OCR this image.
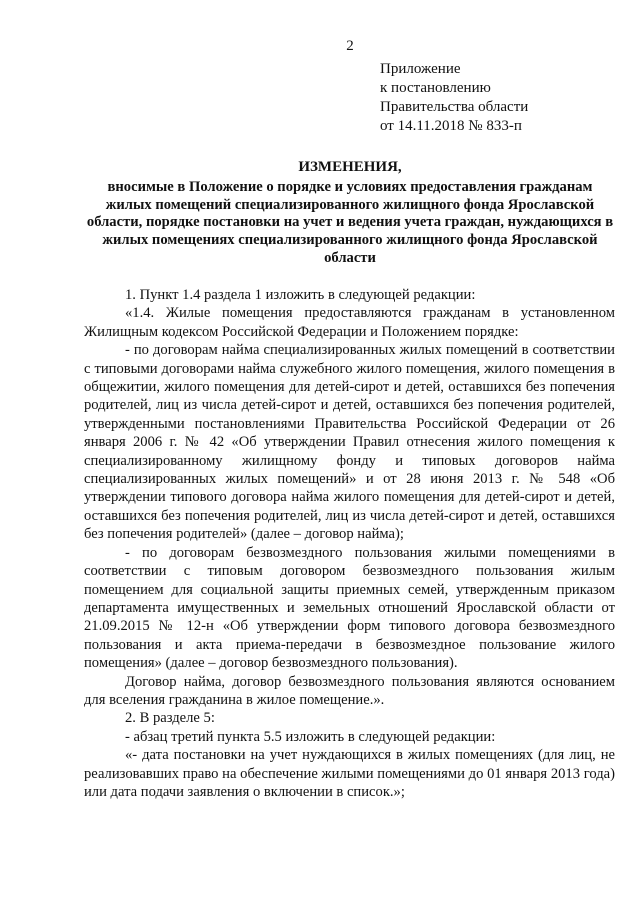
2
Приложение
к постановлению
Правительства области
от 14.11.2018 № 833-п
ИЗМЕНЕНИЯ,
вносимые в Положение о порядке и условиях предоставления гражданам жилых помещений специализированного жилищного фонда Ярославской области, порядке постановки на учет и ведения учета граждан, нуждающихся в жилых помещениях специализированного жилищного фонда Ярославской области

1. Пункт 1.4 раздела 1 изложить в следующей редакции:

«1.4. Жилые помещения предоставляются гражданам в установленном Жилищным кодексом Российской Федерации и Положением порядке:

- по договорам найма специализированных жилых помещений в соответствии с типовыми договорами найма служебного жилого помещения, жилого помещения в общежитии, жилого помещения для детей-сирот и детей, оставшихся без попечения родителей, лиц из числа детей-сирот и детей, оставшихся без попечения родителей, утвержденными постановлениями Правительства Российской Федерации от 26 января 2006 г. № 42 «Об утверждении Правил отнесения жилого помещения к специализированному жилищному фонду и типовых договоров найма специализированных жилых помещений» и от 28 июня 2013 г. № 548 «Об утверждении типового договора найма жилого помещения для детей-сирот и детей, оставшихся без попечения родителей, лиц из числа детей-сирот и детей, оставшихся без попечения родителей» (далее – договор найма);

- по договорам безвозмездного пользования жилыми помещениями в соответствии с типовым договором безвозмездного пользования жилым помещением для социальной защиты приемных семей, утвержденным приказом департамента имущественных и земельных отношений Ярославской области от 21.09.2015 № 12-н «Об утверждении форм типового договора безвозмездного пользования и акта приема-передачи в безвозмездное пользование жилого помещения» (далее – договор безвозмездного пользования).

Договор найма, договор безвозмездного пользования являются основанием для вселения гражданина в жилое помещение.».

2. В разделе 5:

- абзац третий пункта 5.5 изложить в следующей редакции:

«- дата постановки на учет нуждающихся в жилых помещениях (для лиц, не реализовавших право на обеспечение жилыми помещениями до 01 января 2013 года) или дата подачи заявления о включении в список.»;
